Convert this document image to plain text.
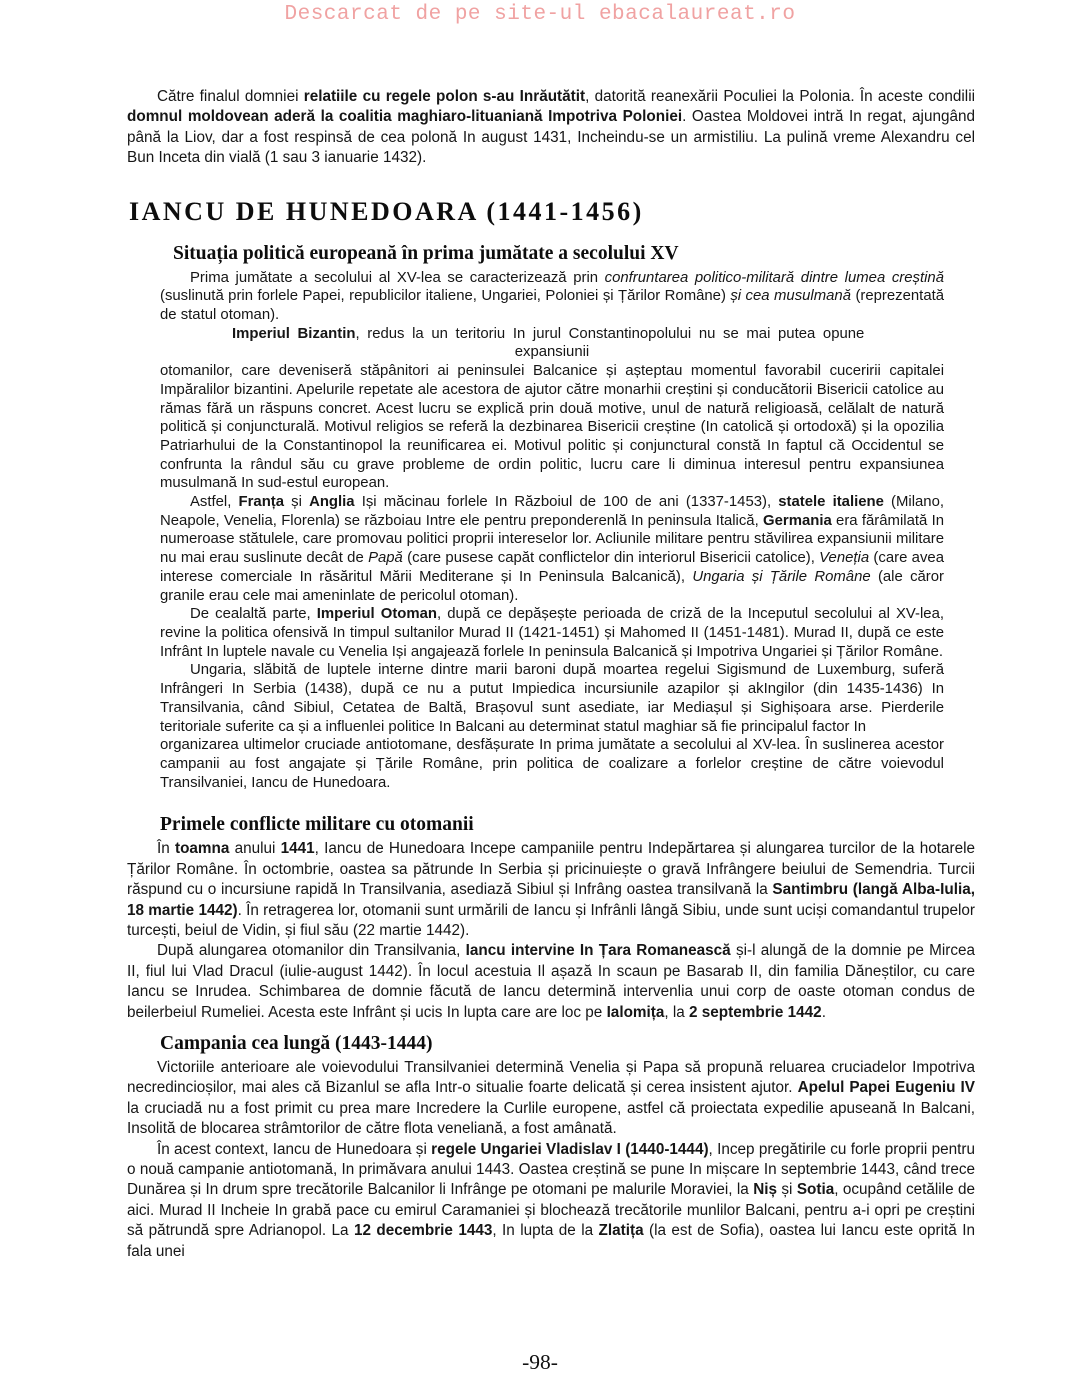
Descarcat de pe site-ul ebacalaureat.ro

Către finalul domniei relatiile cu regele polon s-au Inrăutătit, datorită reanexării Poculiei la Polonia. În aceste condilii domnul moldovean aderă la coalitia maghiaro-lituaniană Impotriva Poloniei. Oastea Moldovei intră In regat, ajungând până la Liov, dar a fost respinsă de cea polonă In august 1431, Incheindu-se un armistiliu. La pulină vreme Alexandru cel Bun Inceta din vială (1 sau 3 ianuarie 1432).

IANCU DE HUNEDOARA (1441-1456)
Situația politică europeană în prima jumătate a secolului XV

Prima jumătate a secolului al XV-lea se caracterizează prin confruntarea politico-militară dintre lumea creștină (suslinută prin forlele Papei, republicilor italiene, Ungariei, Poloniei și Țărilor Române) și cea musulmană (reprezentată de statul otoman).

Imperiul Bizantin, redus la un teritoriu In jurul Constantinopolului nu se mai putea opune

expansiunii

otomanilor, care deveniseră stăpânitori ai peninsulei Balcanice și așteptau momentul favorabil cuceririi capitalei Impăralilor bizantini. Apelurile repetate ale acestora de ajutor către monarhii creștini și conducătorii Bisericii catolice au rămas fără un răspuns concret. Acest lucru se explică prin două motive, unul de natură religioasă, celălalt de natură politică și conjuncturală. Motivul religios se referă la dezbinarea Bisericii creștine (In catolică și ortodoxă) și la opozilia Patriarhului de la Constantinopol la reunificarea ei. Motivul politic și conjunctural constă In faptul că Occidentul se confrunta la rândul său cu grave probleme de ordin politic, lucru care li diminua interesul pentru expansiunea musulmană In sud-estul european.

Astfel, Franța și Anglia Iși măcinau forlele In Războiul de 100 de ani (1337-1453), statele italiene (Milano, Neapole, Venelia, Florenla) se războiau Intre ele pentru preponderenlă In peninsula Italică, Germania era fărâmilată In numeroase stătulele, care promovau politici proprii intereselor lor. Acliunile militare pentru stăvilirea expansiunii militare nu mai erau suslinute decât de Papă (care pusese capăt conflictelor din interiorul Bisericii catolice), Veneția (care avea interese comerciale In răsăritul Mării Mediterane și In Peninsula Balcanică), Ungaria și Țările Române (ale căror granile erau cele mai ameninlate de pericolul otoman).

De cealaltă parte, Imperiul Otoman, după ce depășește perioada de criză de la Inceputul secolului al XV-lea, revine la politica ofensivă In timpul sultanilor Murad II (1421-1451) și Mahomed II (1451-1481). Murad II, după ce este Infrânt In luptele navale cu Venelia Iși angajează forlele In peninsula Balcanică și Impotriva Ungariei și Țărilor Române.

Ungaria, slăbită de luptele interne dintre marii baroni după moartea regelui Sigismund de Luxemburg, suferă Infrângeri In Serbia (1438), după ce nu a putut Impiedica incursiunile azapilor și akIngilor (din 1435-1436) In Transilvania, când Sibiul, Cetatea de Baltă, Brașovul sunt asediate, iar Mediașul și Sighișoara arse. Pierderile teritoriale suferite ca și a influenlei politice In Balcani au determinat statul maghiar să fie principalul factor In

organizarea ultimelor cruciade antiotomane, desfășurate In prima jumătate a secolului al XV-lea. În suslinerea acestor campanii au fost angajate și Țările Române, prin politica de coalizare a forlelor creștine de către voievodul Transilvaniei, Iancu de Hunedoara.

Primele conflicte militare cu otomanii

În toamna anului 1441, Iancu de Hunedoara Incepe campaniile pentru Indepărtarea și alungarea turcilor de la hotarele Țărilor Române. În octombrie, oastea sa pătrunde In Serbia și pricinuiește o gravă Infrângere beiului de Semendria. Turcii răspund cu o incursiune rapidă In Transilvania, asediază Sibiul și Infrâng oastea transilvană la Santimbru (langă Alba-Iulia, 18 martie 1442). În retragerea lor, otomanii sunt urmărili de Iancu și Infrânli lângă Sibiu, unde sunt uciși comandantul trupelor turcești, beiul de Vidin, și fiul său (22 martie 1442).

După alungarea otomanilor din Transilvania, Iancu intervine In Țara Romanească și-l alungă de la domnie pe Mircea II, fiul lui Vlad Dracul (iulie-august 1442). În locul acestuia Il așază In scaun pe Basarab II, din familia Dăneștilor, cu care Iancu se Inrudea. Schimbarea de domnie făcută de Iancu determină intervenlia unui corp de oaste otoman condus de beilerbeiul Rumeliei. Acesta este Infrânt și ucis In lupta care are loc pe Ialomița, la 2 septembrie 1442.

Campania cea lungă (1443-1444)

Victoriile anterioare ale voievodului Transilvaniei determină Venelia și Papa să propună reluarea cruciadelor Impotriva necredincioșilor, mai ales că Bizanlul se afla Intr-o situalie foarte delicată și cerea insistent ajutor. Apelul Papei Eugeniu IV la cruciadă nu a fost primit cu prea mare Incredere la Curlile europene, astfel că proiectata expedilie apuseană In Balcani, Insolită de blocarea strâmtorilor de către flota veneliană, a fost amânată.

În acest context, Iancu de Hunedoara și regele Ungariei Vladislav I (1440-1444), Incep pregătirile cu forle proprii pentru o nouă campanie antiotomană, In primăvara anului 1443. Oastea creștină se pune In mișcare In septembrie 1443, când trece Dunărea și In drum spre trecătorile Balcanilor li Infrânge pe otomani pe malurile Moraviei, la Niș și Sotia, ocupând cetălile de aici. Murad II Incheie In grabă pace cu emirul Caramaniei și blochează trecătorile munlilor Balcani, pentru a-i opri pe creștini să pătrundă spre Adrianopol. La 12 decembrie 1443, In lupta de la Zlatița (la est de Sofia), oastea lui Iancu este oprită In fala unei

-98-
